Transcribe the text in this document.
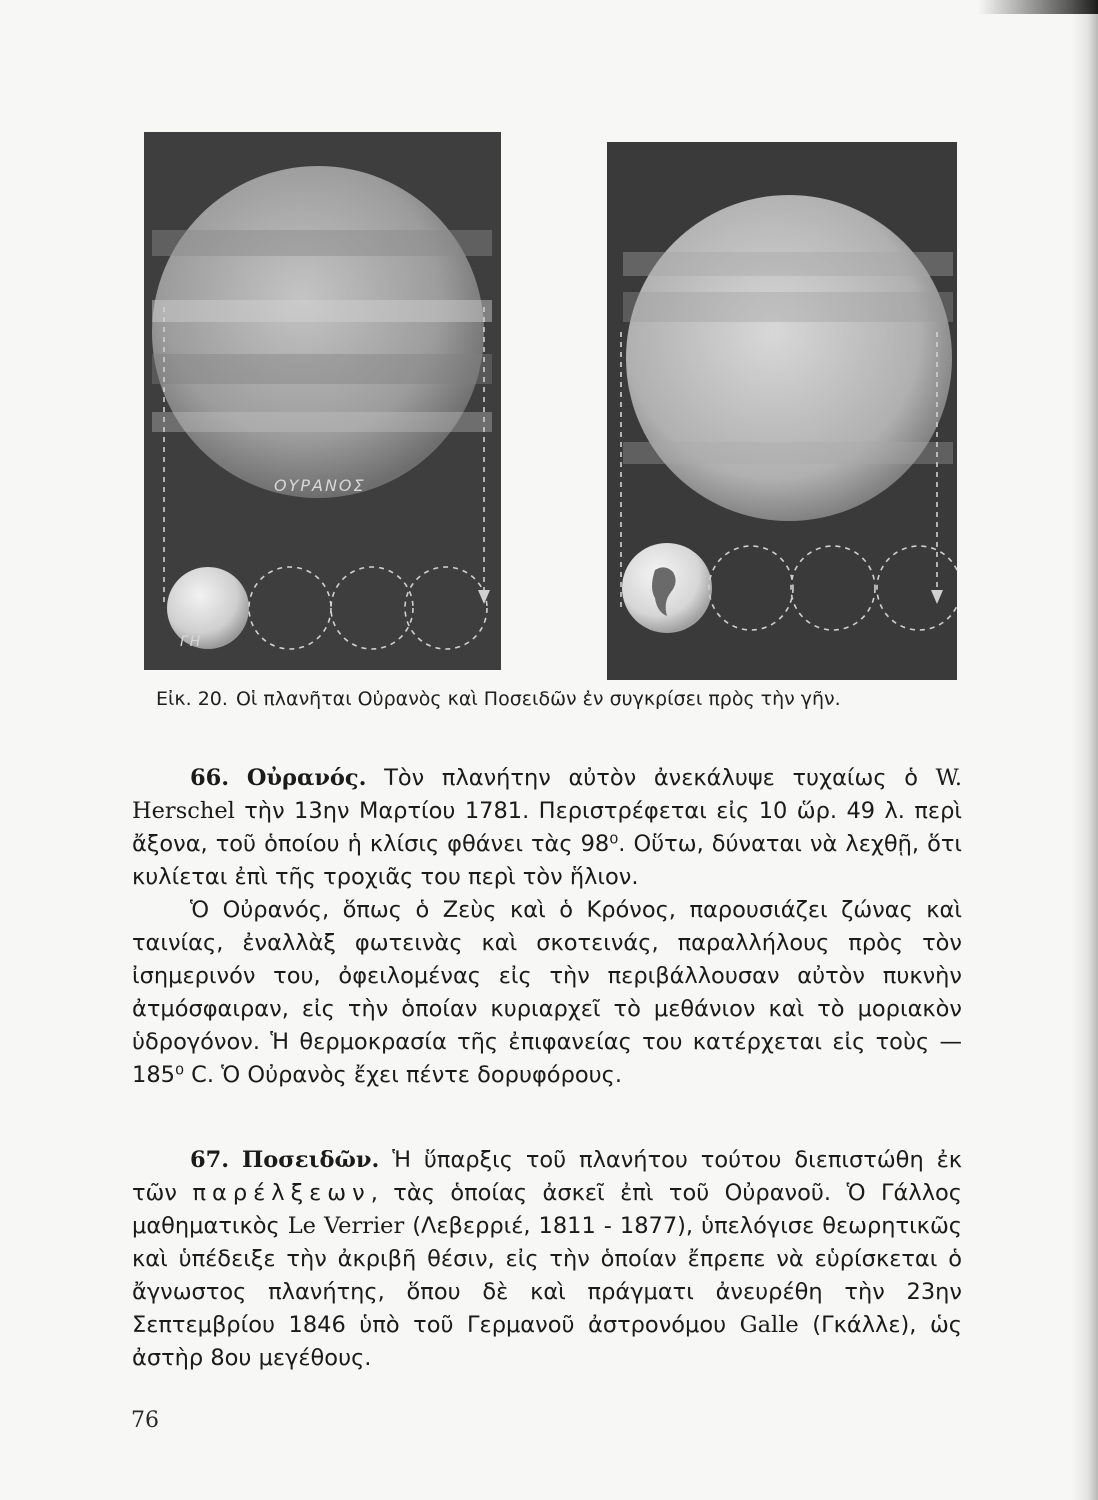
ΟΥΡΑΝΟΣ
ΓΗ
Εἰκ. 20. Οἱ πλανῆται Οὐρανὸς καὶ Ποσειδῶν ἐν συγκρίσει πρὸς τὴν γῆν.

66. Οὐρανός. Τὸν πλανήτην αὐτὸν ἀνεκάλυψε τυχαίως ὁ W. Herschel τὴν 13ην Μαρτίου 1781. Περιστρέφεται εἰς 10 ὥρ. 49 λ. περὶ ἄξονα, τοῦ ὁποίου ἡ κλίσις φθάνει τὰς 98⁰. Οὕτω, δύναται νὰ λεχθῇ, ὅτι κυλίεται ἐπὶ τῆς τροχιᾶς του περὶ τὸν ἥλιον.

Ὁ Οὐρανός, ὅπως ὁ Ζεὺς καὶ ὁ Κρόνος, παρουσιάζει ζώνας καὶ ταινίας, ἐναλλὰξ φωτεινὰς καὶ σκοτεινάς, παραλλήλους πρὸς τὸν ἰσημερινόν του, ὀφειλομένας εἰς τὴν περιβάλλουσαν αὐτὸν πυκνὴν ἀτμόσφαιραν, εἰς τὴν ὁποίαν κυριαρχεῖ τὸ μεθάνιον καὶ τὸ μοριακὸν ὑδρογόνον. Ἡ θερμοκρασία τῆς ἐπιφανείας του κατέρχεται εἰς τοὺς — 185⁰ C. Ὁ Οὐρανὸς ἔχει πέντε δορυφόρους.

67. Ποσειδῶν. Ἡ ὕπαρξις τοῦ πλανήτου τούτου διεπιστώθη ἐκ τῶν παρέλξεων, τὰς ὁποίας ἀσκεῖ ἐπὶ τοῦ Οὐρανοῦ. Ὁ Γάλλος μαθηματικὸς Le Verrier (Λεβερριέ, 1811 - 1877), ὑπελόγισε θεωρητικῶς καὶ ὑπέδειξε τὴν ἀκριβῆ θέσιν, εἰς τὴν ὁποίαν ἔπρεπε νὰ εὑρίσκεται ὁ ἄγνωστος πλανήτης, ὅπου δὲ καὶ πράγματι ἀνευρέθη τὴν 23ην Σεπτεμβρίου 1846 ὑπὸ τοῦ Γερμανοῦ ἀστρονόμου Galle (Γκάλλε), ὡς ἀστὴρ 8ου μεγέθους.

76
